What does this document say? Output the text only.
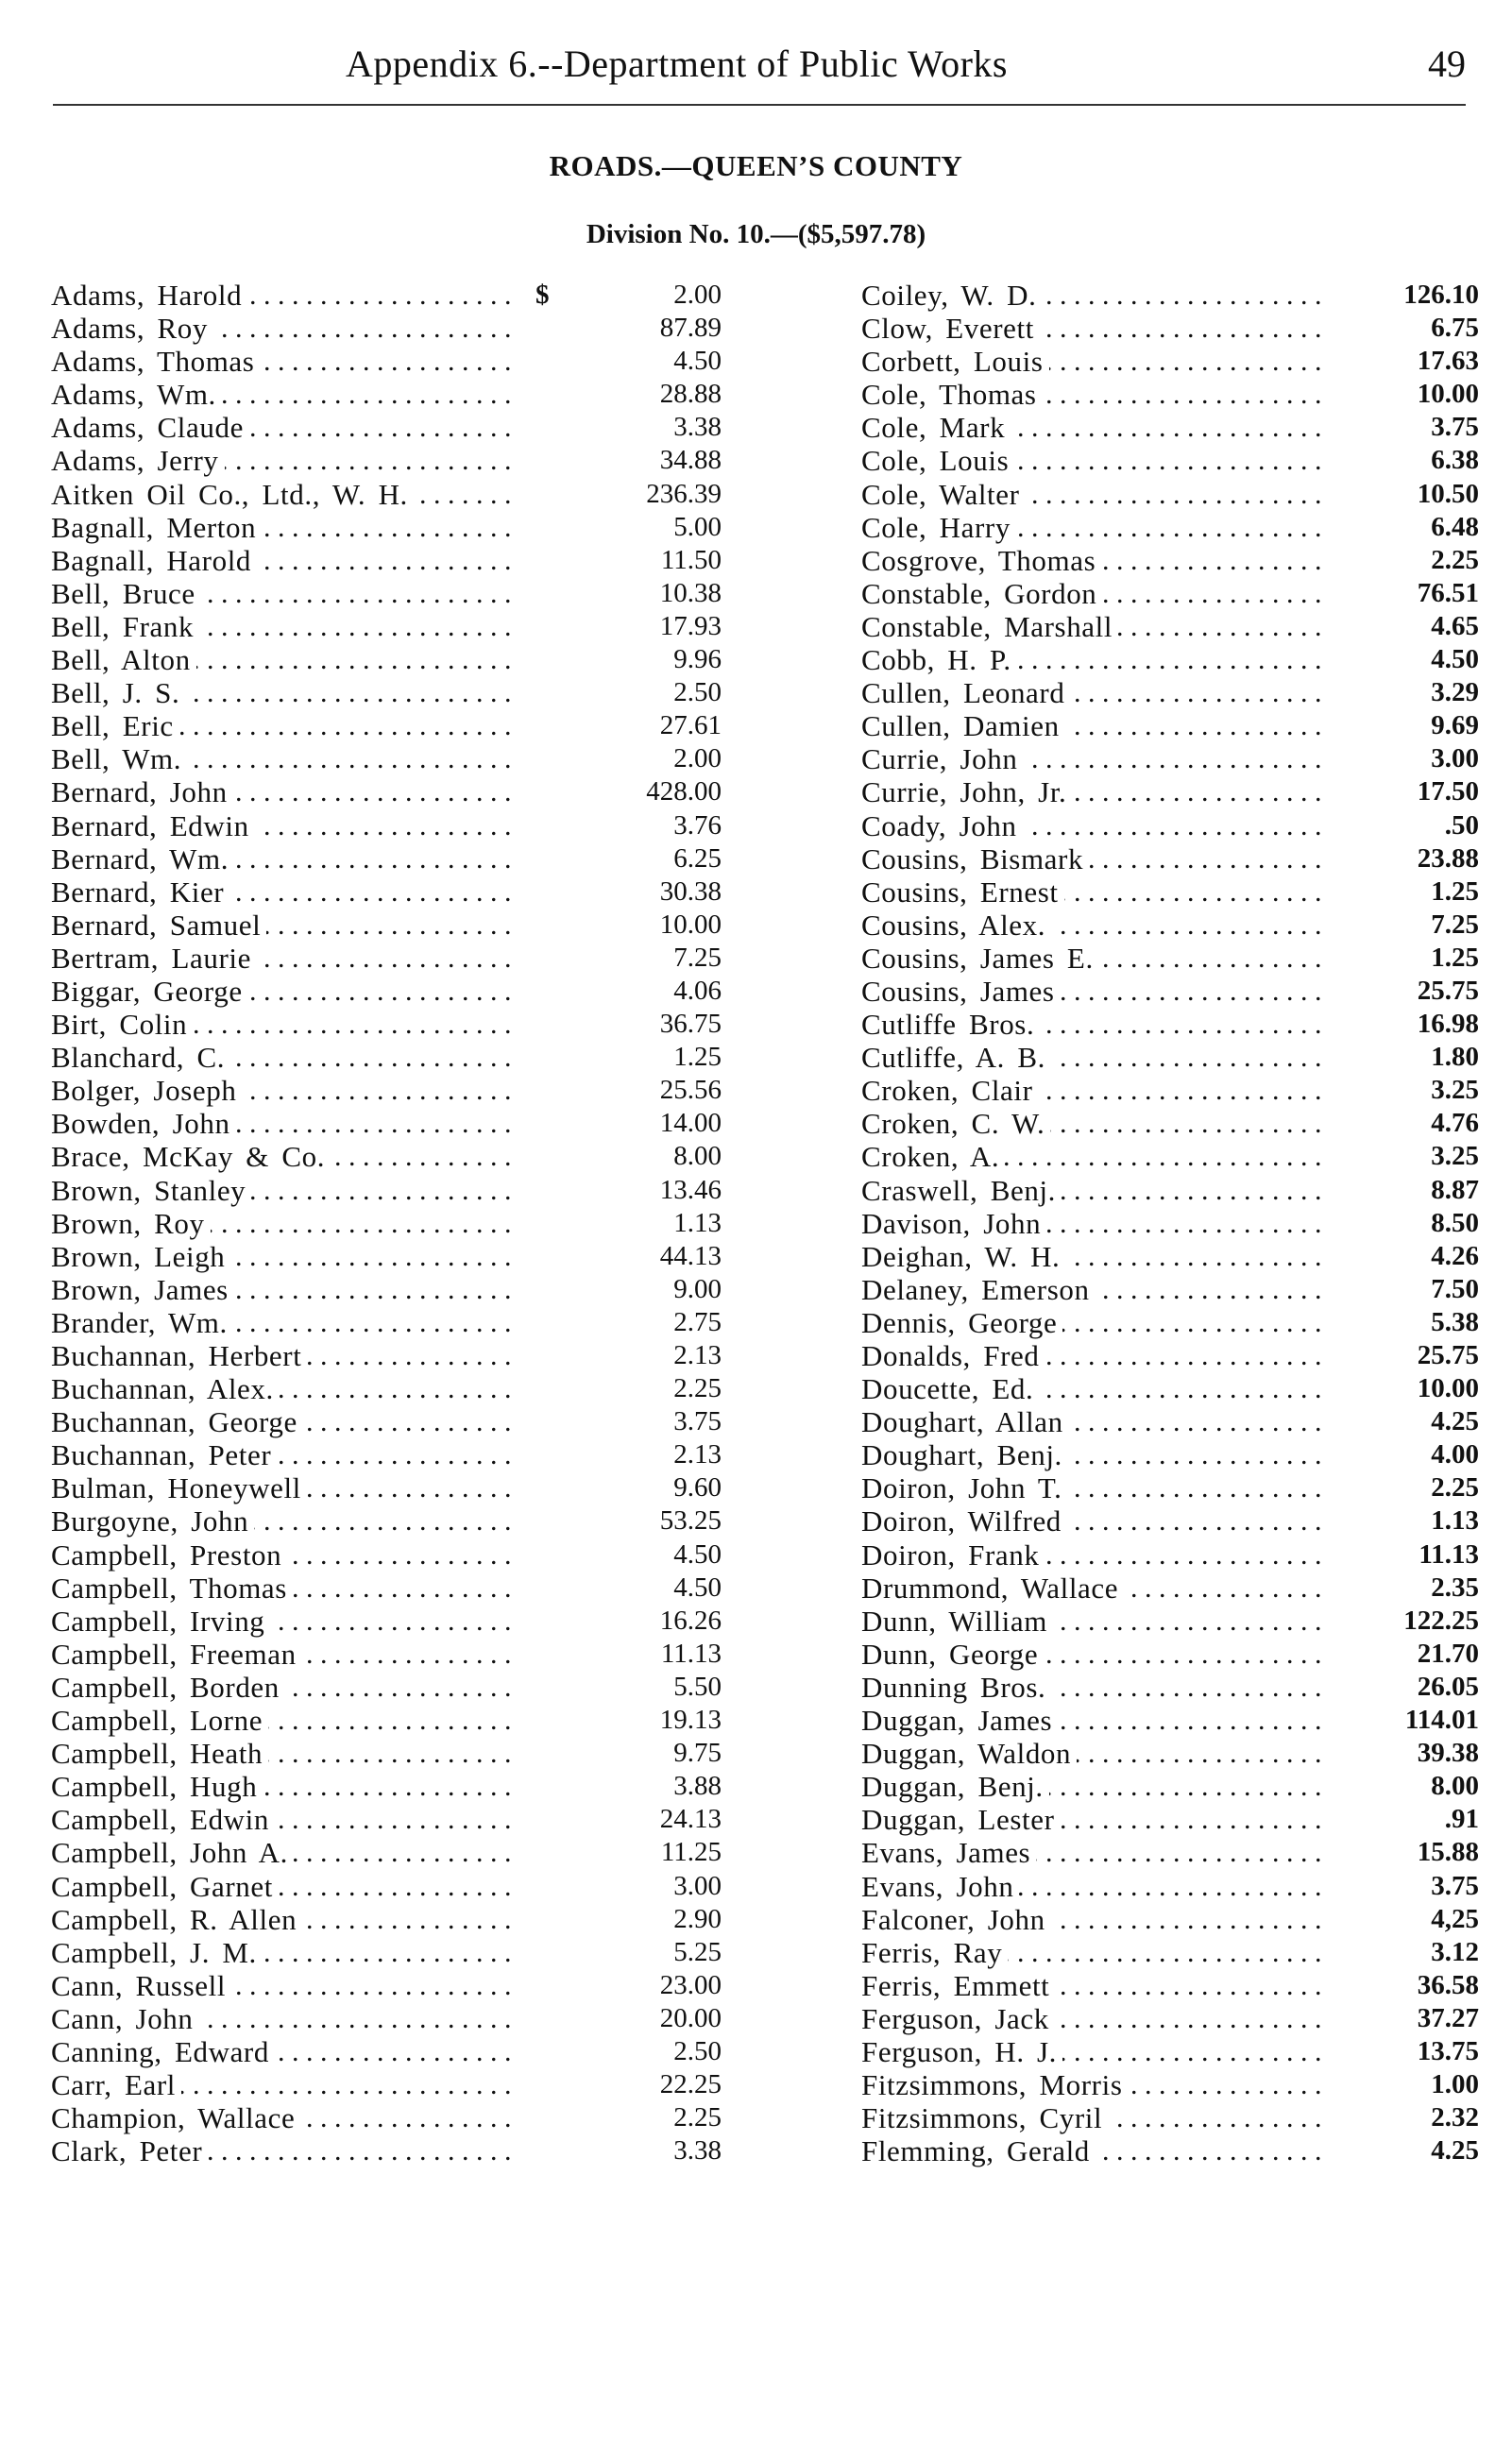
Appendix 6.--Department of Public Works	49
ROADS.—QUEEN’S COUNTY
Division No. 10.—($5,597.78)
. . .
Adams, Harold	$	2.00
. . .
Adams, Roy	87.89
. . .
Adams, Thomas	4.50
. . .
Adams, Wm.	28.88
. . .
Adams, Claude	3.38
. . .
Adams, Jerry	34.88
. . .
Aitken Oil Co., Ltd., W. H.	236.39
. . .
Bagnall, Merton	5.00
. . .
Bagnall, Harold	11.50
. . .
Bell, Bruce	10.38
. . .
Bell, Frank	17.93
. . .
Bell, Alton	9.96
. . .
Bell, J. S.	2.50
. . .
Bell, Eric	27.61
. . .
Bell, Wm.	2.00
. . .
Bernard, John	428.00
. . .
Bernard, Edwin	3.76
. . .
Bernard, Wm.	6.25
. . .
Bernard, Kier	30.38
. . .
Bernard, Samuel	10.00
. . .
Bertram, Laurie	7.25
. . .
Biggar, George	4.06
. . .
Birt, Colin	36.75
. . .
Blanchard, C.	1.25
. . .
Bolger, Joseph	25.56
. . .
Bowden, John	14.00
. . .
Brace, McKay & Co.	8.00
. . .
Brown, Stanley	13.46
. . .
Brown, Roy	1.13
. . .
Brown, Leigh	44.13
. . .
Brown, James	9.00
. . .
Brander, Wm.	2.75
. . .
Buchannan, Herbert	2.13
. . .
Buchannan, Alex.	2.25
. . .
Buchannan, George	3.75
. . .
Buchannan, Peter	2.13
. . .
Bulman, Honeywell	9.60
. . .
Burgoyne, John	53.25
. . .
Campbell, Preston	4.50
. . .
Campbell, Thomas	4.50
. . .
Campbell, Irving	16.26
. . .
Campbell, Freeman	11.13
. . .
Campbell, Borden	5.50
. . .
Campbell, Lorne	19.13
. . .
Campbell, Heath	9.75
. . .
Campbell, Hugh	3.88
. . .
Campbell, Edwin	24.13
. . .
Campbell, John A.	11.25
. . .
Campbell, Garnet	3.00
. . .
Campbell, R. Allen	2.90
. . .
Campbell, J. M.	5.25
. . .
Cann, Russell	23.00
. . .
Cann, John	20.00
. . .
Canning, Edward	2.50
. . .
Carr, Earl	22.25
. . .
Champion, Wallace	2.25
. . .
Clark, Peter	3.38
. . .
Coiley, W. D.	126.10
. . .
Clow, Everett	6.75
. . .
Corbett, Louis	17.63
. . .
Cole, Thomas	10.00
. . .
Cole, Mark	3.75
. . .
Cole, Louis	6.38
. . .
Cole, Walter	10.50
. . .
Cole, Harry	6.48
. . .
Cosgrove, Thomas	2.25
. . .
Constable, Gordon	76.51
. . .
Constable, Marshall	4.65
. . .
Cobb, H. P.	4.50
. . .
Cullen, Leonard	3.29
. . .
Cullen, Damien	9.69
. . .
Currie, John	3.00
. . .
Currie, John, Jr.	17.50
. . .
Coady, John	.50
. . .
Cousins, Bismark	23.88
. . .
Cousins, Ernest	1.25
. . .
Cousins, Alex.	7.25
. . .
Cousins, James E.	1.25
. . .
Cousins, James	25.75
. . .
Cutliffe Bros.	16.98
. . .
Cutliffe, A. B.	1.80
. . .
Croken, Clair	3.25
. . .
Croken, C. W.	4.76
. . .
Croken, A.	3.25
. . .
Craswell, Benj.	8.87
. . .
Davison, John	8.50
. . .
Deighan, W. H.	4.26
. . .
Delaney, Emerson	7.50
. . .
Dennis, George	5.38
. . .
Donalds, Fred	25.75
. . .
Doucette, Ed.	10.00
. . .
Doughart, Allan	4.25
. . .
Doughart, Benj.	4.00
. . .
Doiron, John T.	2.25
. . .
Doiron, Wilfred	1.13
. . .
Doiron, Frank	11.13
. . .
Drummond, Wallace	2.35
. . .
Dunn, William	122.25
. . .
Dunn, George	21.70
. . .
Dunning Bros.	26.05
. . .
Duggan, James	114.01
. . .
Duggan, Waldon	39.38
. . .
Duggan, Benj.	8.00
. . .
Duggan, Lester	.91
. . .
Evans, James	15.88
. . .
Evans, John	3.75
. . .
Falconer, John	4,25
. . .
Ferris, Ray	3.12
. . .
Ferris, Emmett	36.58
. . .
Ferguson, Jack	37.27
. . .
Ferguson, H. J.	13.75
. . .
Fitzsimmons, Morris	1.00
. . .
Fitzsimmons, Cyril	2.32
. . .
Flemming, Gerald	4.25
